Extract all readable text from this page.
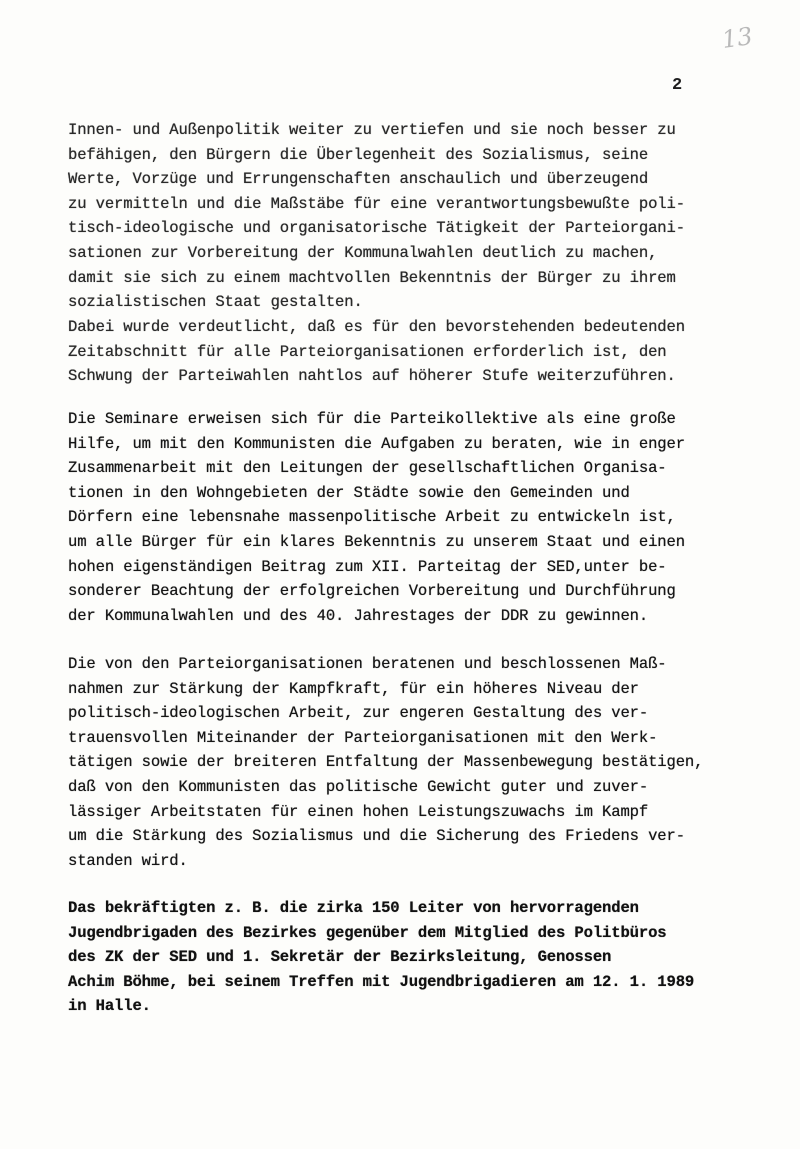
13
2
Innen- und Außenpolitik weiter zu vertiefen und sie noch besser zu
befähigen, den Bürgern die Überlegenheit des Sozialismus, seine
Werte, Vorzüge und Errungenschaften anschaulich und überzeugend
zu vermitteln und die Maßstäbe für eine verantwortungsbewußte poli-
tisch-ideologische und organisatorische Tätigkeit der Parteiorgani-
sationen zur Vorbereitung der Kommunalwahlen deutlich zu machen,
damit sie sich zu einem machtvollen Bekenntnis der Bürger zu ihrem
sozialistischen Staat gestalten.
Dabei wurde verdeutlicht, daß es für den bevorstehenden bedeutenden
Zeitabschnitt für alle Parteiorganisationen erforderlich ist, den
Schwung der Parteiwahlen nahtlos auf höherer Stufe weiterzuführen.
Die Seminare erweisen sich für die Parteikollektive als eine große
Hilfe, um mit den Kommunisten die Aufgaben zu beraten, wie in enger
Zusammenarbeit mit den Leitungen der gesellschaftlichen Organisa-
tionen in den Wohngebieten der Städte sowie den Gemeinden und
Dörfern eine lebensnahe massenpolitische Arbeit zu entwickeln ist,
um alle Bürger für ein klares Bekenntnis zu unserem Staat und einen
hohen eigenständigen Beitrag zum XII. Parteitag der SED,unter be-
sonderer Beachtung der erfolgreichen Vorbereitung und Durchführung
der Kommunalwahlen und des 40. Jahrestages der DDR zu gewinnen.
Die von den Parteiorganisationen beratenen und beschlossenen Maß-
nahmen zur Stärkung der Kampfkraft, für ein höheres Niveau der
politisch-ideologischen Arbeit, zur engeren Gestaltung des ver-
trauensvollen Miteinander der Parteiorganisationen mit den Werk-
tätigen sowie der breiteren Entfaltung der Massenbewegung bestätigen,
daß von den Kommunisten das politische Gewicht guter und zuver-
lässiger Arbeitstaten für einen hohen Leistungszuwachs im Kampf
um die Stärkung des Sozialismus und die Sicherung des Friedens ver-
standen wird.
Das bekräftigten z. B. die zirka 150 Leiter von hervorragenden
Jugendbrigaden des Bezirkes gegenüber dem Mitglied des Politbüros
des ZK der SED und 1. Sekretär der Bezirksleitung, Genossen
Achim Böhme, bei seinem Treffen mit Jugendbrigadieren am 12. 1. 1989
in Halle.
